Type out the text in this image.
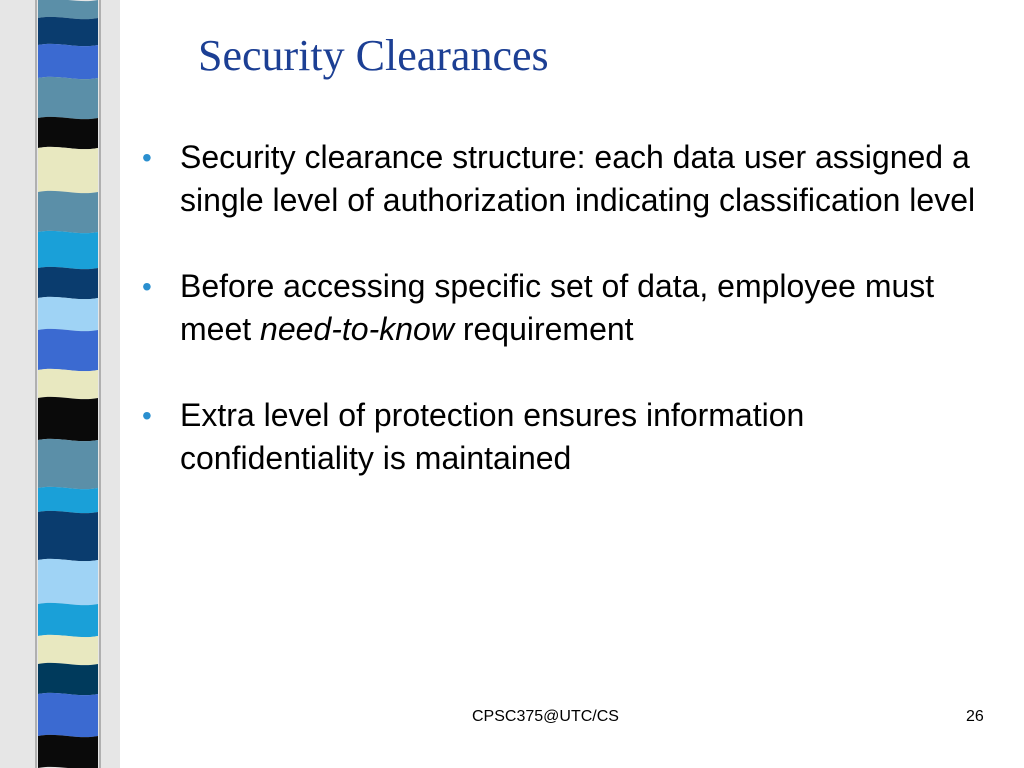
Security Clearances
• Security clearance structure: each data user assigned a single level of authorization indicating classification level
• Before accessing specific set of data, employee must meet need-to-know requirement
• Extra level of protection ensures information confidentiality is maintained
CPSC375@UTC/CS	26
